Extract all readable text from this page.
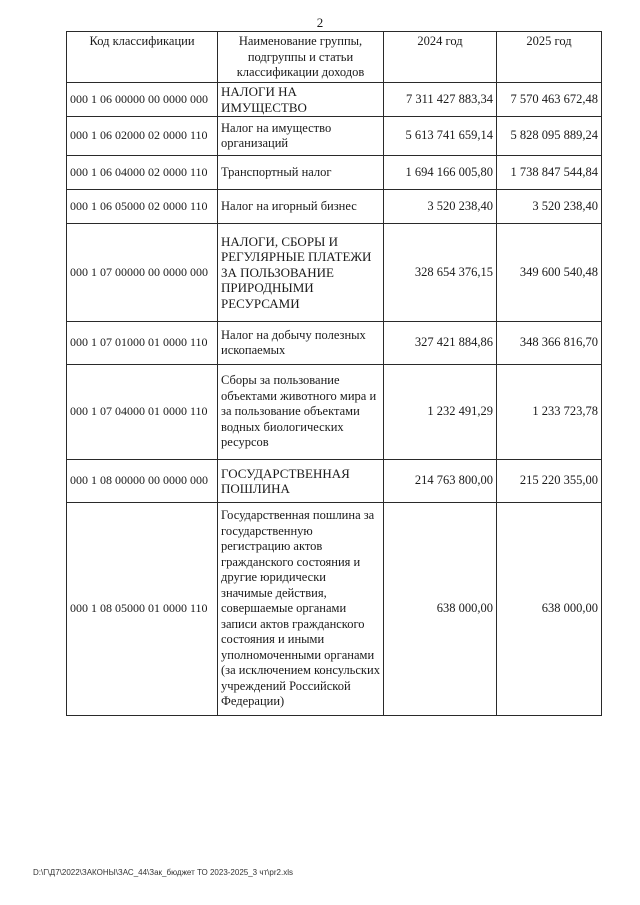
2
Код классификации	Наименование группы, подгруппы и статьи классификации доходов	2024 год	2025 год
000 1 06 00000 00 0000 000	НАЛОГИ НА ИМУЩЕСТВО	7 311 427 883,34	7 570 463 672,48
000 1 06 02000 02 0000 110	Налог на имущество организаций	5 613 741 659,14	5 828 095 889,24
000 1 06 04000 02 0000 110	Транспортный налог	1 694 166 005,80	1 738 847 544,84
000 1 06 05000 02 0000 110	Налог на игорный бизнес	3 520 238,40	3 520 238,40
000 1 07 00000 00 0000 000	НАЛОГИ, СБОРЫ И РЕГУЛЯРНЫЕ ПЛАТЕЖИ ЗА ПОЛЬЗОВАНИЕ ПРИРОДНЫМИ РЕСУРСАМИ	328 654 376,15	349 600 540,48
000 1 07 01000 01 0000 110	Налог на добычу полезных ископаемых	327 421 884,86	348 366 816,70
000 1 07 04000 01 0000 110	Сборы за пользование объектами животного мира и за пользование объектами водных биологических ресурсов	1 232 491,29	1 233 723,78
000 1 08 00000 00 0000 000	ГОСУДАРСТВЕННАЯ ПОШЛИНА	214 763 800,00	215 220 355,00
000 1 08 05000 01 0000 110	Государственная пошлина за государственную регистрацию актов гражданского состояния и другие юридически значимые действия, совершаемые органами записи актов гражданского состояния и иными уполномоченными органами (за исключением консульских учреждений Российской Федерации)	638 000,00	638 000,00
D:\Г\Д7\2022\ЗАКОНЫ\ЗАС_44\Зак_бюджет ТО 2023-2025_3 чт\pr2.xls
